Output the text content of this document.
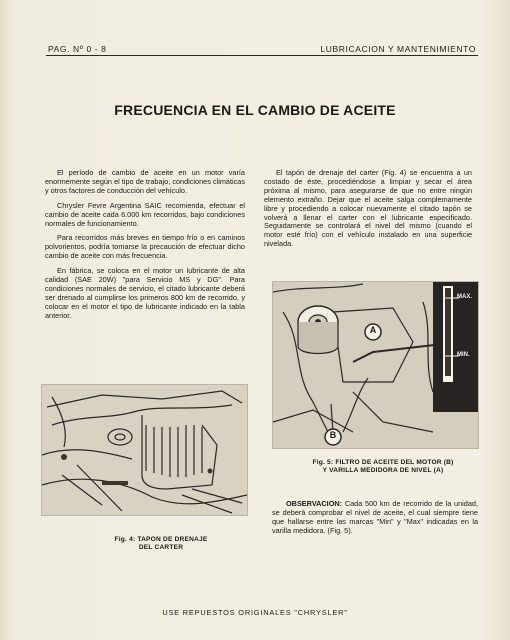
PAG. Nº 0 - 8	LUBRICACION Y MANTENIMIENTO
FRECUENCIA EN EL CAMBIO DE ACEITE

El período de cambio de aceite en un motor varía enormemente según el tipo de trabajo, condiciones climáticas y otros factores de conducción del vehículo.

Chrysler Fevre Argentina SAIC recomienda, efectuar el cambio de aceite cada 6.000 km recorridos, bajo condiciones normales de funcionamiento.

Para recorridos más breves en tiempo frío o en caminos polvorientos, podría tomarse la precaución de efectuar dicho cambio de aceite con más frecuencia.

En fábrica, se coloca en el motor un lubricante de alta calidad (SAE 20W) "para Servicio MS y DG". Para condiciones normales de servicio, el citado lubricante deberá ser drenado al cumplirse los primeros 800 km de recorrido, y colocar en el motor el tipo de lubricante indicado en la tabla anterior.

El tapón de drenaje del carter (Fig. 4) se encuentra a un costado de éste, procediéndose a limpiar y secar el área próxima al mismo, para asegurarse de que no entre ningún elemento extraño. Dejar que el aceite salga complemamente libre y procediendo a colocar nuevamente el citado tapón se volverá a llenar el carter con el lubricante especificado. Seguidamente se controlará el nivel del mismo (cuando el motor esté frío) con el vehículo instalado en una superficie nivelada.

Fig. 4: TAPON DE DRENAJE
DEL CARTER
A
B
MAX.
MIN.
Fig. 5: FILTRO DE ACEITE DEL MOTOR (B)
Y VARILLA MEDIDORA DE NIVEL (A)
OBSERVACION: Cada 500 km de recorrido de la unidad, se deberá comprobar el nivel de aceite, el cual siempre tiene que hallarse entre las marcas "Min" y "Max" indicadas en la varilla medidora. (Fig. 5).
USE REPUESTOS ORIGINALES "CHRYSLER"
